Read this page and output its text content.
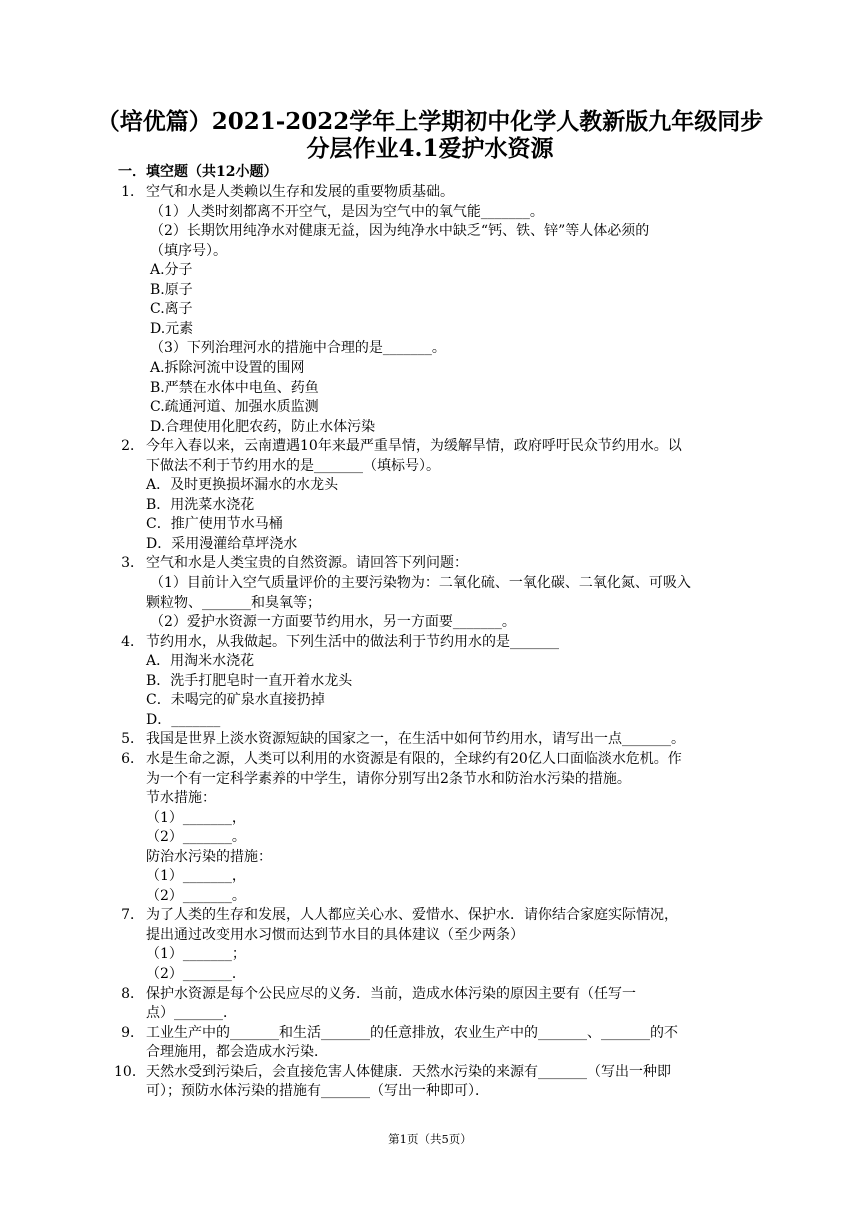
（培优篇）2021-2022学年上学期初中化学人教新版九年级同步
分层作业4.1爱护水资源
一．填空题（共12小题）
1． 空气和水是人类赖以生存和发展的重要物质基础。
（1）人类时刻都离不开空气，是因为空气中的氧气能_______。
（2）长期饮用纯净水对健康无益，因为纯净水中缺乏“钙、铁、锌”等人体必须的
（填序号）。
A.分子
B.原子
C.离子
D.元素
（3）下列治理河水的措施中合理的是_______。
A.拆除河流中设置的围网
B.严禁在水体中电鱼、药鱼
C.疏通河道、加强水质监测
D.合理使用化肥农药，防止水体污染
2． 今年入春以来，云南遭遇10年来最严重旱情，为缓解旱情，政府呼吁民众节约用水。以
下做法不利于节约用水的是_______（填标号）。
A．及时更换损坏漏水的水龙头
B．用洗菜水浇花
C．推广使用节水马桶
D．采用漫灌给草坪浇水
3． 空气和水是人类宝贵的自然资源。请回答下列问题：
（1）目前计入空气质量评价的主要污染物为：二氧化硫、一氧化碳、二氧化氮、可吸入
颗粒物、_______和臭氧等；
（2）爱护水资源一方面要节约用水，另一方面要_______。
4． 节约用水，从我做起。下列生活中的做法利于节约用水的是_______
A．用淘米水浇花
B．洗手打肥皂时一直开着水龙头
C．未喝完的矿泉水直接扔掉
D．_______
5． 我国是世界上淡水资源短缺的国家之一，在生活中如何节约用水，请写出一点_______。
6． 水是生命之源，人类可以利用的水资源是有限的，全球约有20亿人口面临淡水危机。作
为一个有一定科学素养的中学生，请你分别写出2条节水和防治水污染的措施。
节水措施：
（1）_______，
（2）_______。
防治水污染的措施：
（1）_______，
（2）_______。
7． 为了人类的生存和发展，人人都应关心水、爱惜水、保护水．请你结合家庭实际情况，
提出通过改变用水习惯而达到节水目的具体建议（至少两条）
（1）_______；
（2）_______．
8． 保护水资源是每个公民应尽的义务．当前，造成水体污染的原因主要有（任写一
点）_______．
9． 工业生产中的_______和生活_______的任意排放，农业生产中的_______、_______的不
合理施用，都会造成水污染．
10． 天然水受到污染后，会直接危害人体健康．天然水污染的来源有_______（写出一种即
可）；预防水体污染的措施有_______（写出一种即可）．
第1页（共5页）
